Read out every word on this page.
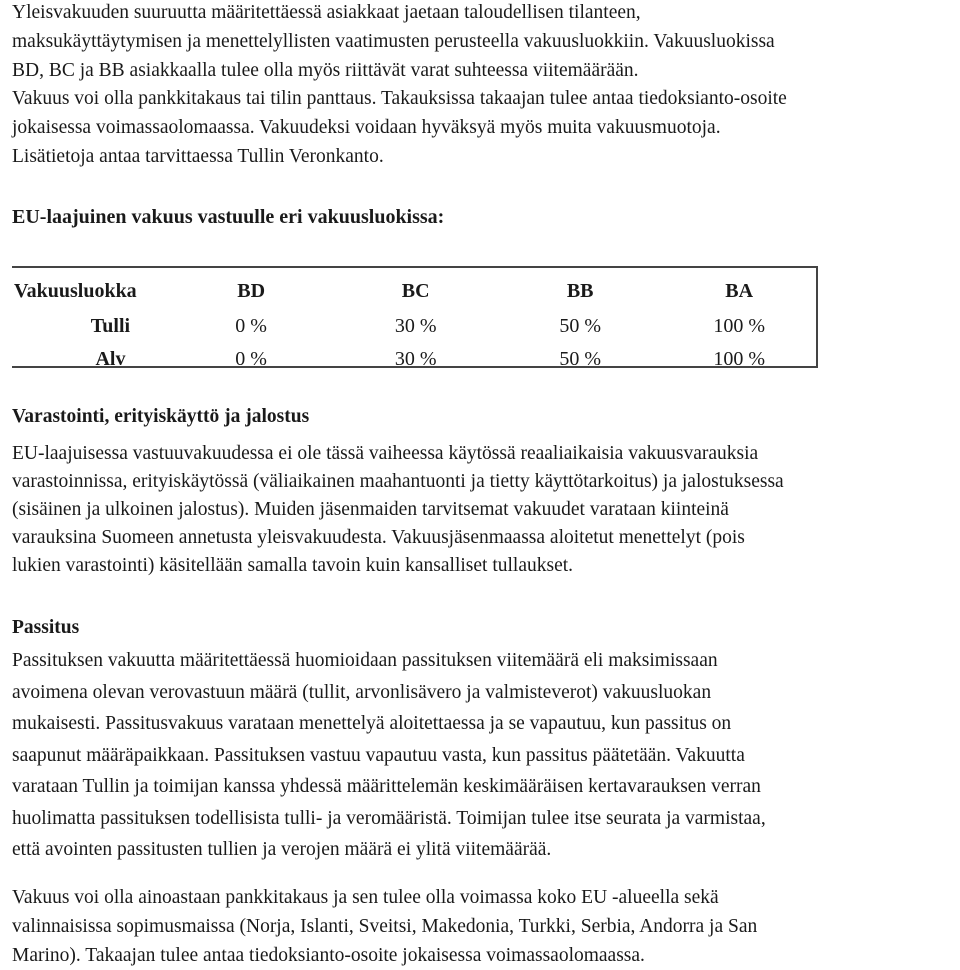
Yleisvakuuden suuruutta määritettäessä asiakkaat jaetaan taloudellisen tilanteen,
maksukäyttäytymisen ja menettelyllisten vaatimusten perusteella vakuusluokkiin. Vakuusluokissa
BD, BC ja BB asiakkaalla tulee olla myös riittävät varat suhteessa viitemäärään.

Vakuus voi olla pankkitakaus tai tilin panttaus. Takauksissa takaajan tulee antaa tiedoksianto-osoite
jokaisessa voimassaolomaassa. Vakuudeksi voidaan hyväksyä myös muita vakuusmuotoja.
Lisätietoja antaa tarvittaessa Tullin Veronkanto.

EU-laajuinen vakuus vastuulle eri vakuusluokissa:
Vakuusluokka	BD	BC	BB	BA
Tulli	0 %	30 %	50 %	100 %
Alv	0 %	30 %	50 %	100 %
Varastointi, erityiskäyttö ja jalostus

EU-laajuisessa vastuuvakuudessa ei ole tässä vaiheessa käytössä reaaliaikaisia vakuusvarauksia
varastoinnissa, erityiskäytössä (väliaikainen maahantuonti ja tietty käyttötarkoitus) ja jalostuksessa
(sisäinen ja ulkoinen jalostus). Muiden jäsenmaiden tarvitsemat vakuudet varataan kiinteinä
varauksina Suomeen annetusta yleisvakuudesta. Vakuusjäsenmaassa aloitetut menettelyt (pois
lukien varastointi) käsitellään samalla tavoin kuin kansalliset tullaukset.

Passitus

Passituksen vakuutta määritettäessä huomioidaan passituksen viitemäärä eli maksimissaan
avoimena olevan verovastuun määrä (tullit, arvonlisävero ja valmisteverot) vakuusluokan
mukaisesti. Passitusvakuus varataan menettelyä aloitettaessa ja se vapautuu, kun passitus on
saapunut määräpaikkaan. Passituksen vastuu vapautuu vasta, kun passitus päätetään. Vakuutta
varataan Tullin ja toimijan kanssa yhdessä määrittelemän keskimääräisen kertavarauksen verran
huolimatta passituksen todellisista tulli- ja veromääristä. Toimijan tulee itse seurata ja varmistaa,
että avointen passitusten tullien ja verojen määrä ei ylitä viitemäärää.

Vakuus voi olla ainoastaan pankkitakaus ja sen tulee olla voimassa koko EU -alueella sekä
valinnaisissa sopimusmaissa (Norja, Islanti, Sveitsi, Makedonia, Turkki, Serbia, Andorra ja San
Marino). Takaajan tulee antaa tiedoksianto-osoite jokaisessa voimassaolomaassa.
